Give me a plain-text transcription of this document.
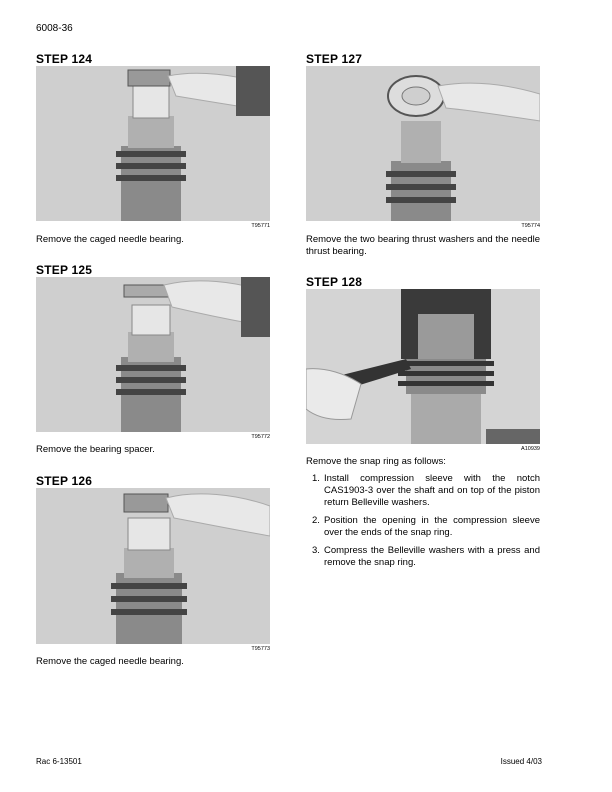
6008-36
STEP 124
T95771
Remove the caged needle bearing.
STEP 125
T95772
Remove the bearing spacer.
STEP 126
T95773
Remove the caged needle bearing.
STEP 127
T95774
Remove the two bearing thrust washers and the needle thrust bearing.
STEP 128
A10939
Remove the snap ring as follows:
1. Install compression sleeve with the notch CAS1903-3 over the shaft and on top of the piston return Belleville washers.
2. Position the opening in the compression sleeve over the ends of the snap ring.
3. Compress the Belleville washers with a press and remove the snap ring.
Rac 6-13501	Issued 4/03
